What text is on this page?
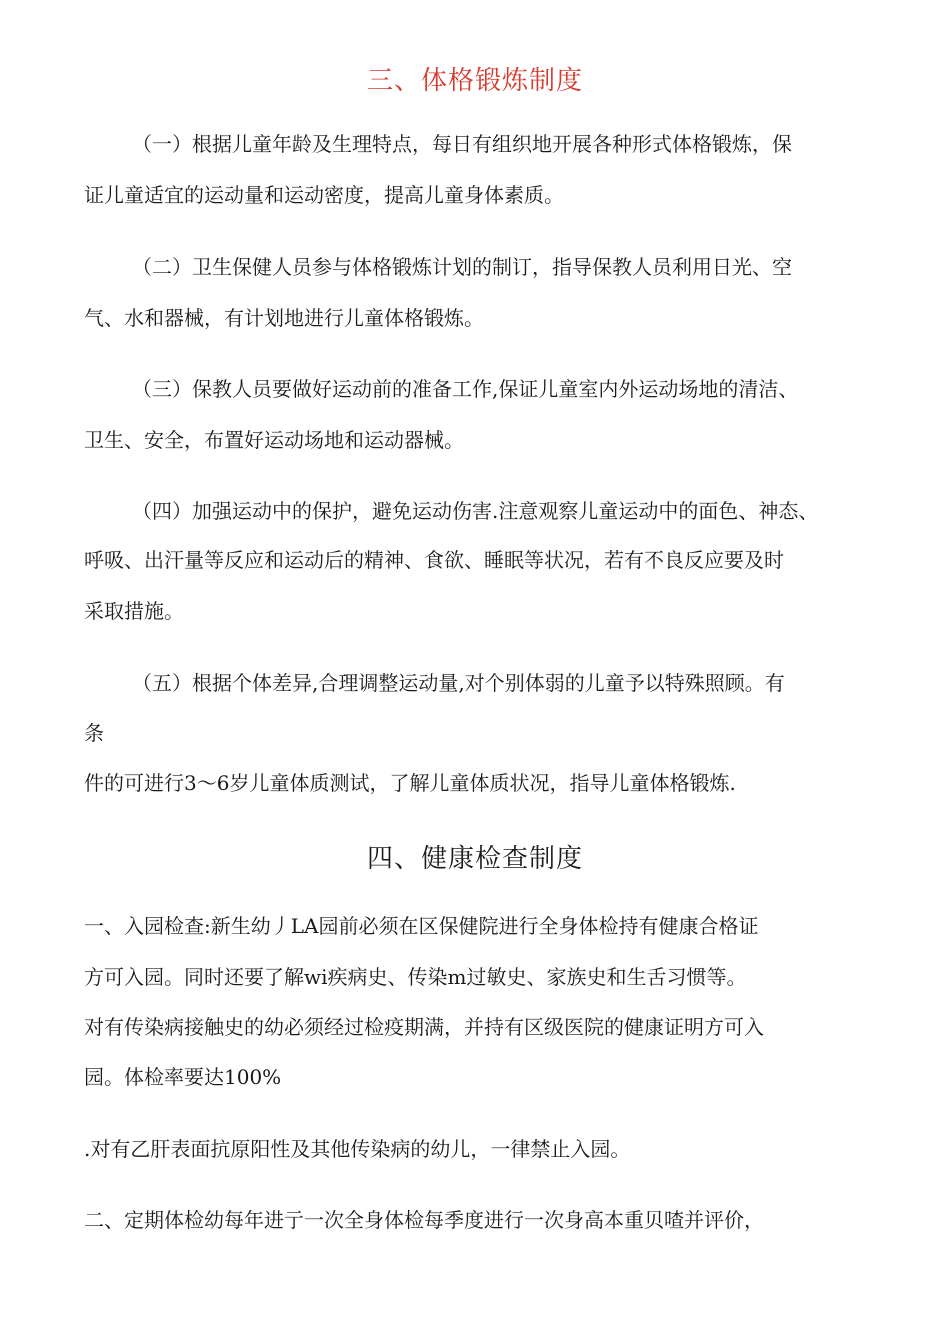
三、体格锻炼制度

（一）根据儿童年龄及生理特点，每日有组织地开展各种形式体格锻炼，保

证儿童适宜的运动量和运动密度，提高儿童身体素质。

（二）卫生保健人员参与体格锻炼计划的制订，指导保教人员利用日光、空

气、水和器械，有计划地进行儿童体格锻炼。

（三）保教人员要做好运动前的准备工作,保证儿童室内外运动场地的清洁、

卫生、安全，布置好运动场地和运动器械。

（四）加强运动中的保护，避免运动伤害.注意观察儿童运动中的面色、神态、

呼吸、出汗量等反应和运动后的精神、食欲、睡眠等状况，若有不良反应要及时

采取措施。

（五）根据个体差异,合理调整运动量,对个别体弱的儿童予以特殊照顾。有

条

件的可进行3～6岁儿童体质测试，了解儿童体质状况，指导儿童体格锻炼.

四、健康检查制度

一、入园检查:新生幼丿LA园前必须在区保健院进行全身体检持有健康合格证

方可入园。同时还要了解wi疾病史、传染m过敏史、家族史和生舌习惯等。

对有传染病接触史的幼必须经过检疫期满，并持有区级医院的健康证明方可入

园。体检率要达100%

.对有乙肝表面抗原阳性及其他传染病的幼儿，一律禁止入园。

二、定期体检幼每年进亍一次全身体检每季度进行一次身高本重贝喳并评价，
